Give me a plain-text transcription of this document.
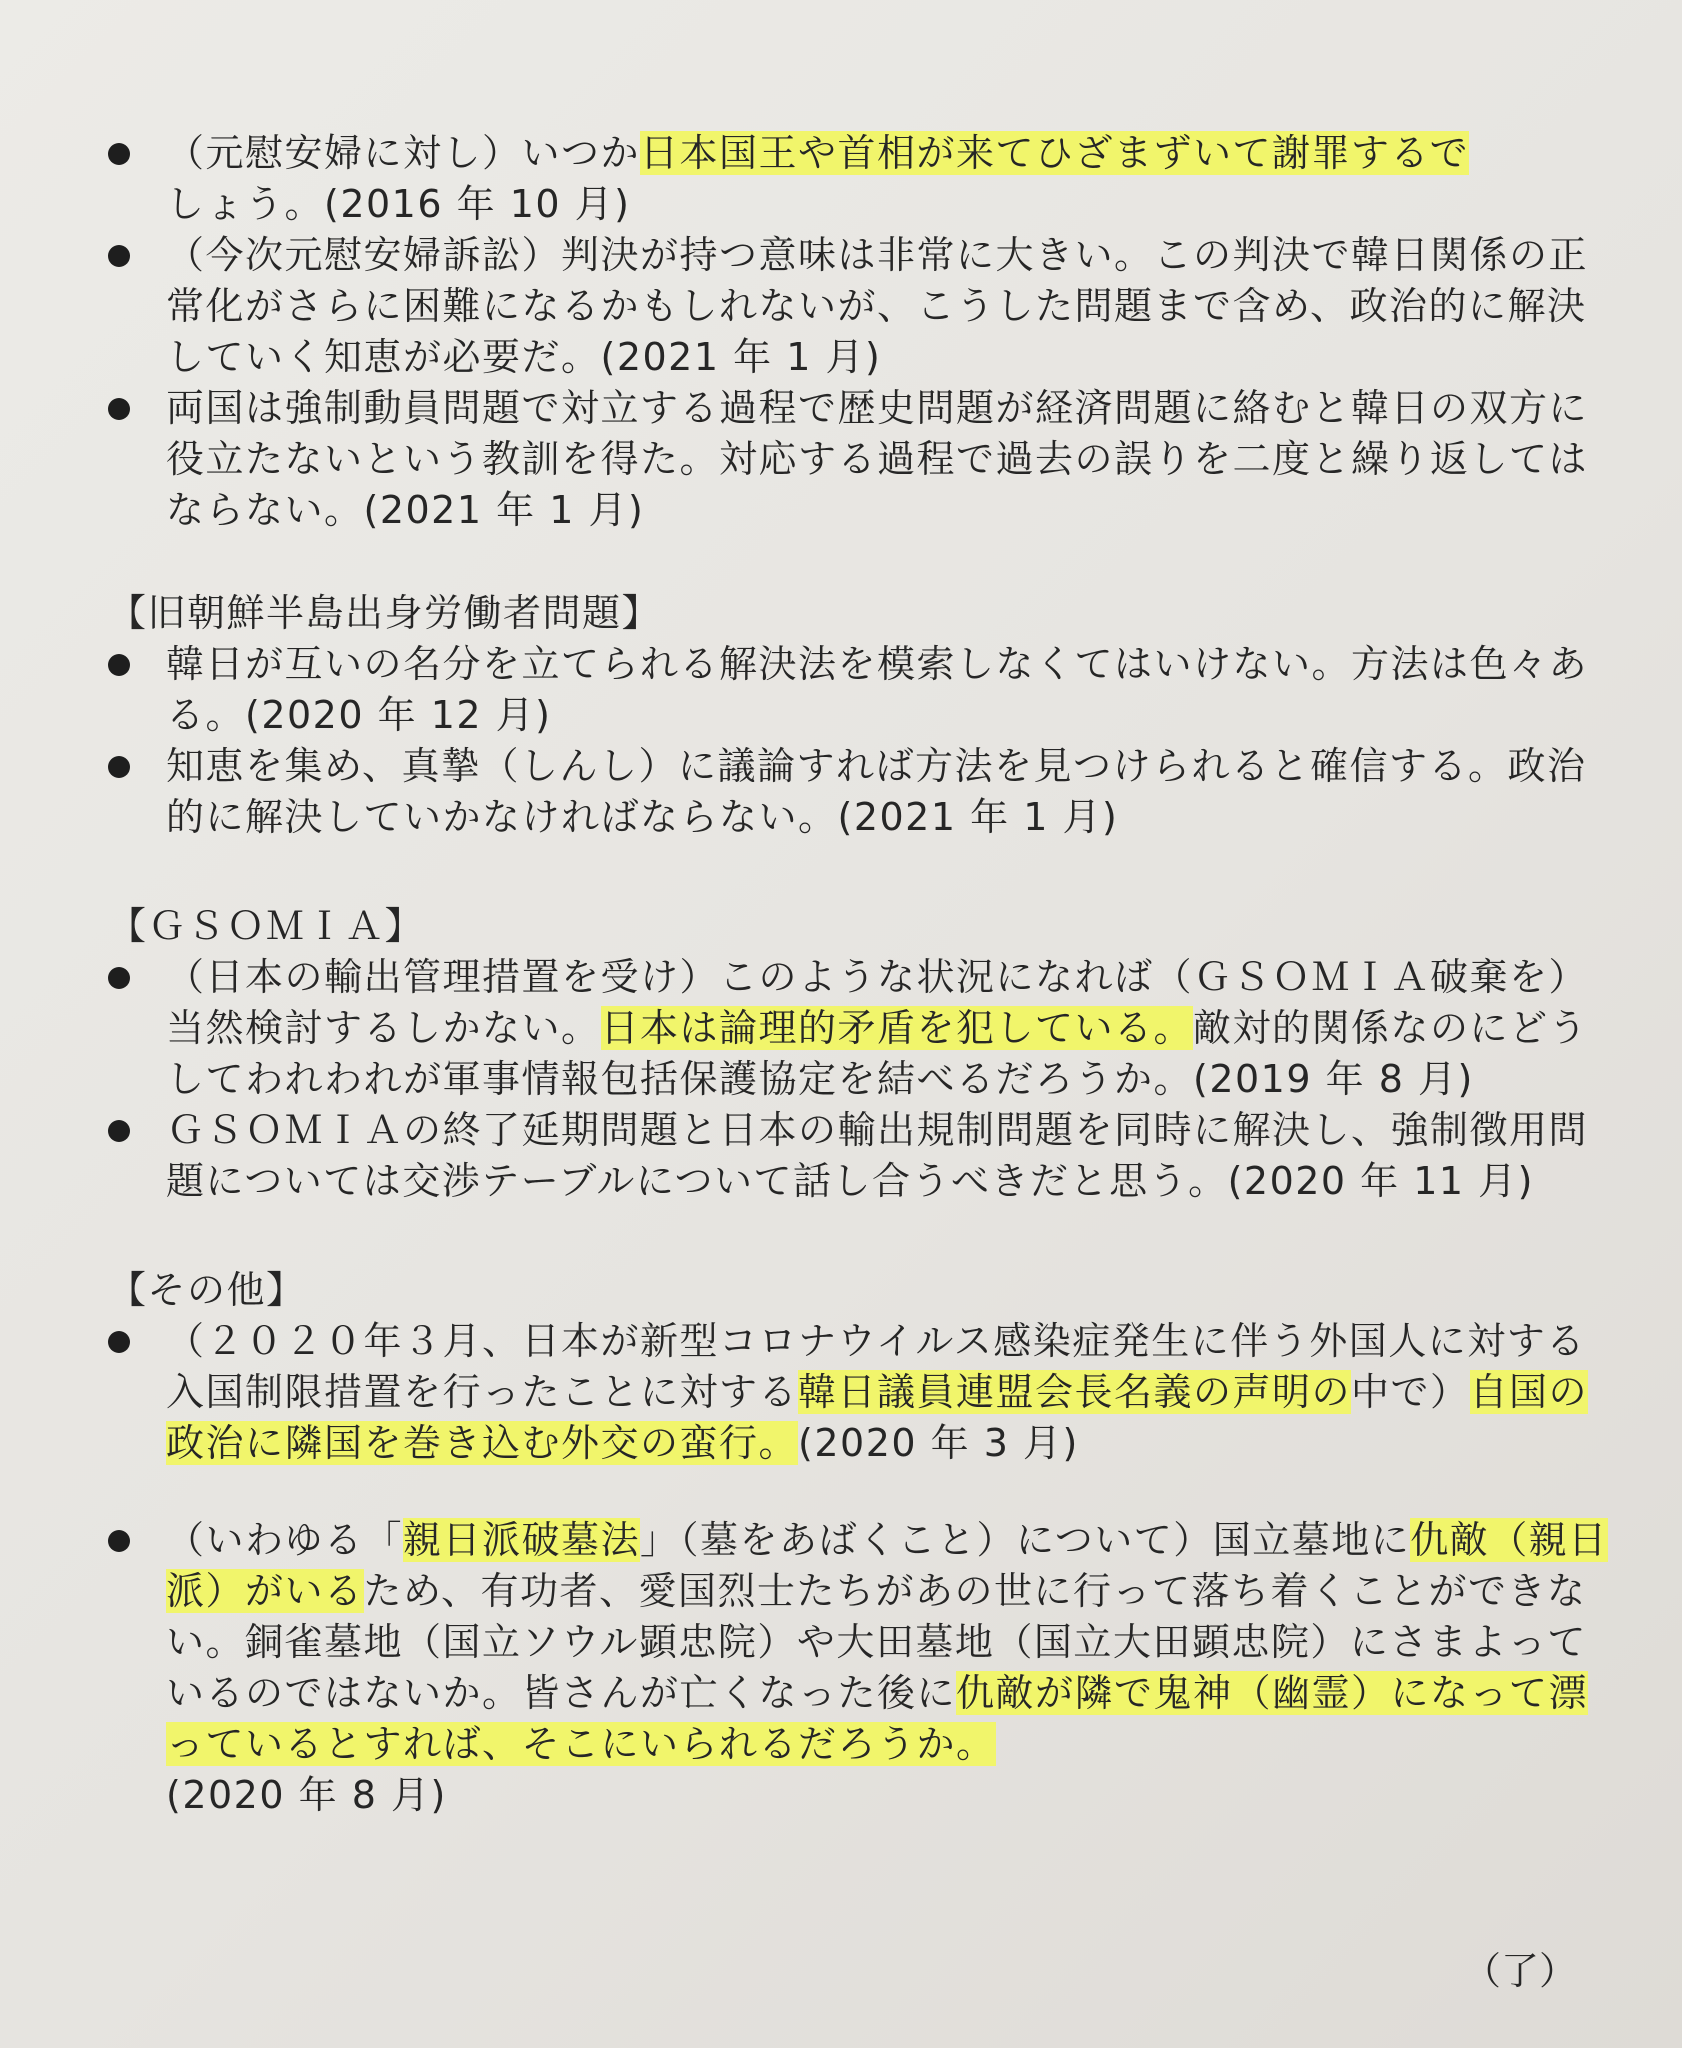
（元慰安婦に対し）いつか日本国王や首相が来てひざまずいて謝罪するで
しょう。(2016 年 10 月)
（今次元慰安婦訴訟）判決が持つ意味は非常に大きい。この判決で韓日関係の正常化がさらに困難になるかもしれないが、こうした問題まで含め、政治的に解決していく知恵が必要だ。(2021 年 1 月)
両国は強制動員問題で対立する過程で歴史問題が経済問題に絡むと韓日の双方に役立たないという教訓を得た。対応する過程で過去の誤りを二度と繰り返してはならない。(2021 年 1 月)
【旧朝鮮半島出身労働者問題】
韓日が互いの名分を立てられる解決法を模索しなくてはいけない。方法は色々ある。(2020 年 12 月)
知恵を集め、真摯（しんし）に議論すれば方法を見つけられると確信する。政治的に解決していかなければならない。(2021 年 1 月)
【ＧＳＯＭＩＡ】
（日本の輸出管理措置を受け）このような状況になれば（ＧＳＯＭＩＡ破棄を）当然検討するしかない。日本は論理的矛盾を犯している。敵対的関係なのにどうしてわれわれが軍事情報包括保護協定を結べるだろうか。(2019 年 8 月)
ＧＳＯＭＩＡの終了延期問題と日本の輸出規制問題を同時に解決し、強制徴用問題については交渉テーブルについて話し合うべきだと思う。(2020 年 11 月)
【その他】
（２０２０年３月、日本が新型コロナウイルス感染症発生に伴う外国人に対する入国制限措置を行ったことに対する韓日議員連盟会長名義の声明の中で）自国の政治に隣国を巻き込む外交の蛮行。(2020 年 3 月)
（いわゆる「親日派破墓法」（墓をあばくこと）について）国立墓地に仇敵（親日派）がいるため、有功者、愛国烈士たちがあの世に行って落ち着くことができない。銅雀墓地（国立ソウル顕忠院）や大田墓地（国立大田顕忠院）にさまよっているのではないか。皆さんが亡くなった後に仇敵が隣で鬼神（幽霊）になって漂っているとすれば、そこにいられるだろうか。
(2020 年 8 月)
（了）
